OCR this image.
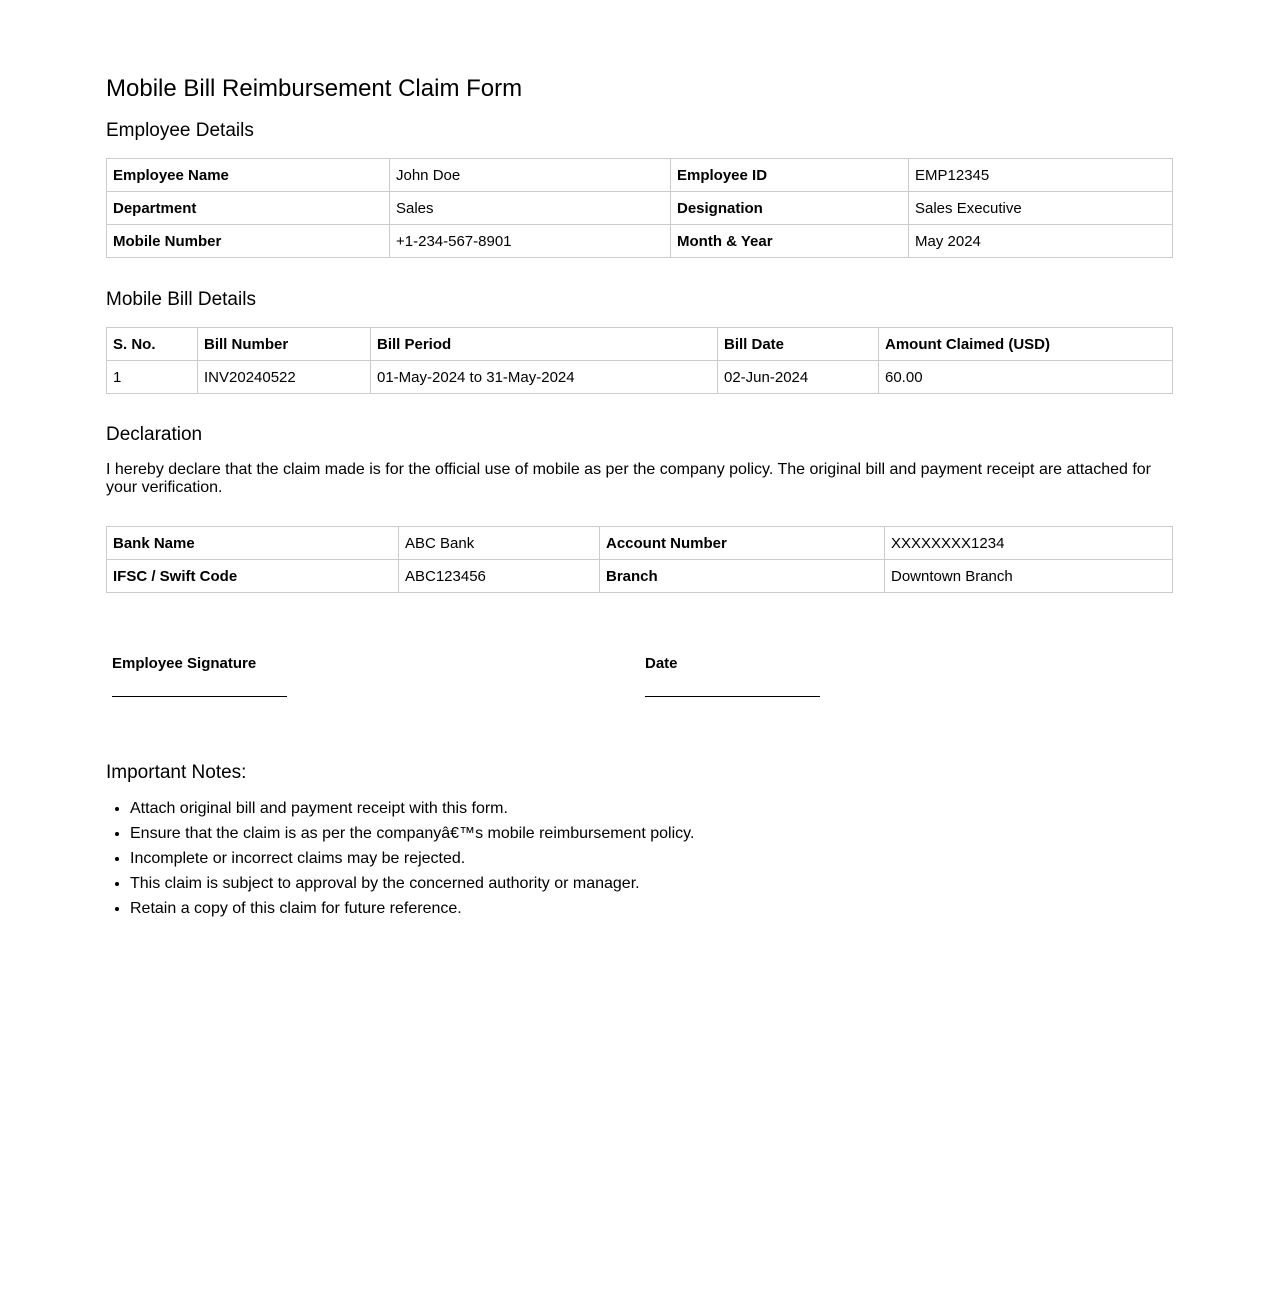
Mobile Bill Reimbursement Claim Form
Employee Details
Employee Name	John Doe	Employee ID	EMP12345
Department	Sales	Designation	Sales Executive
Mobile Number	+1-234-567-8901	Month & Year	May 2024
Mobile Bill Details
S. No.	Bill Number	Bill Period	Bill Date	Amount Claimed (USD)
1	INV20240522	01-May-2024 to 31-May-2024	02-Jun-2024	60.00
Declaration

I hereby declare that the claim made is for the official use of mobile as per the company policy. The original bill and payment receipt are attached for your verification.

Bank Name	ABC Bank	Account Number	XXXXXXXX1234
IFSC / Swift Code	ABC123456	Branch	Downtown Branch
Employee Signature	Date
Important Notes:
• Attach original bill and payment receipt with this form.
• Ensure that the claim is as per the companyâ€™s mobile reimbursement policy.
• Incomplete or incorrect claims may be rejected.
• This claim is subject to approval by the concerned authority or manager.
• Retain a copy of this claim for future reference.
